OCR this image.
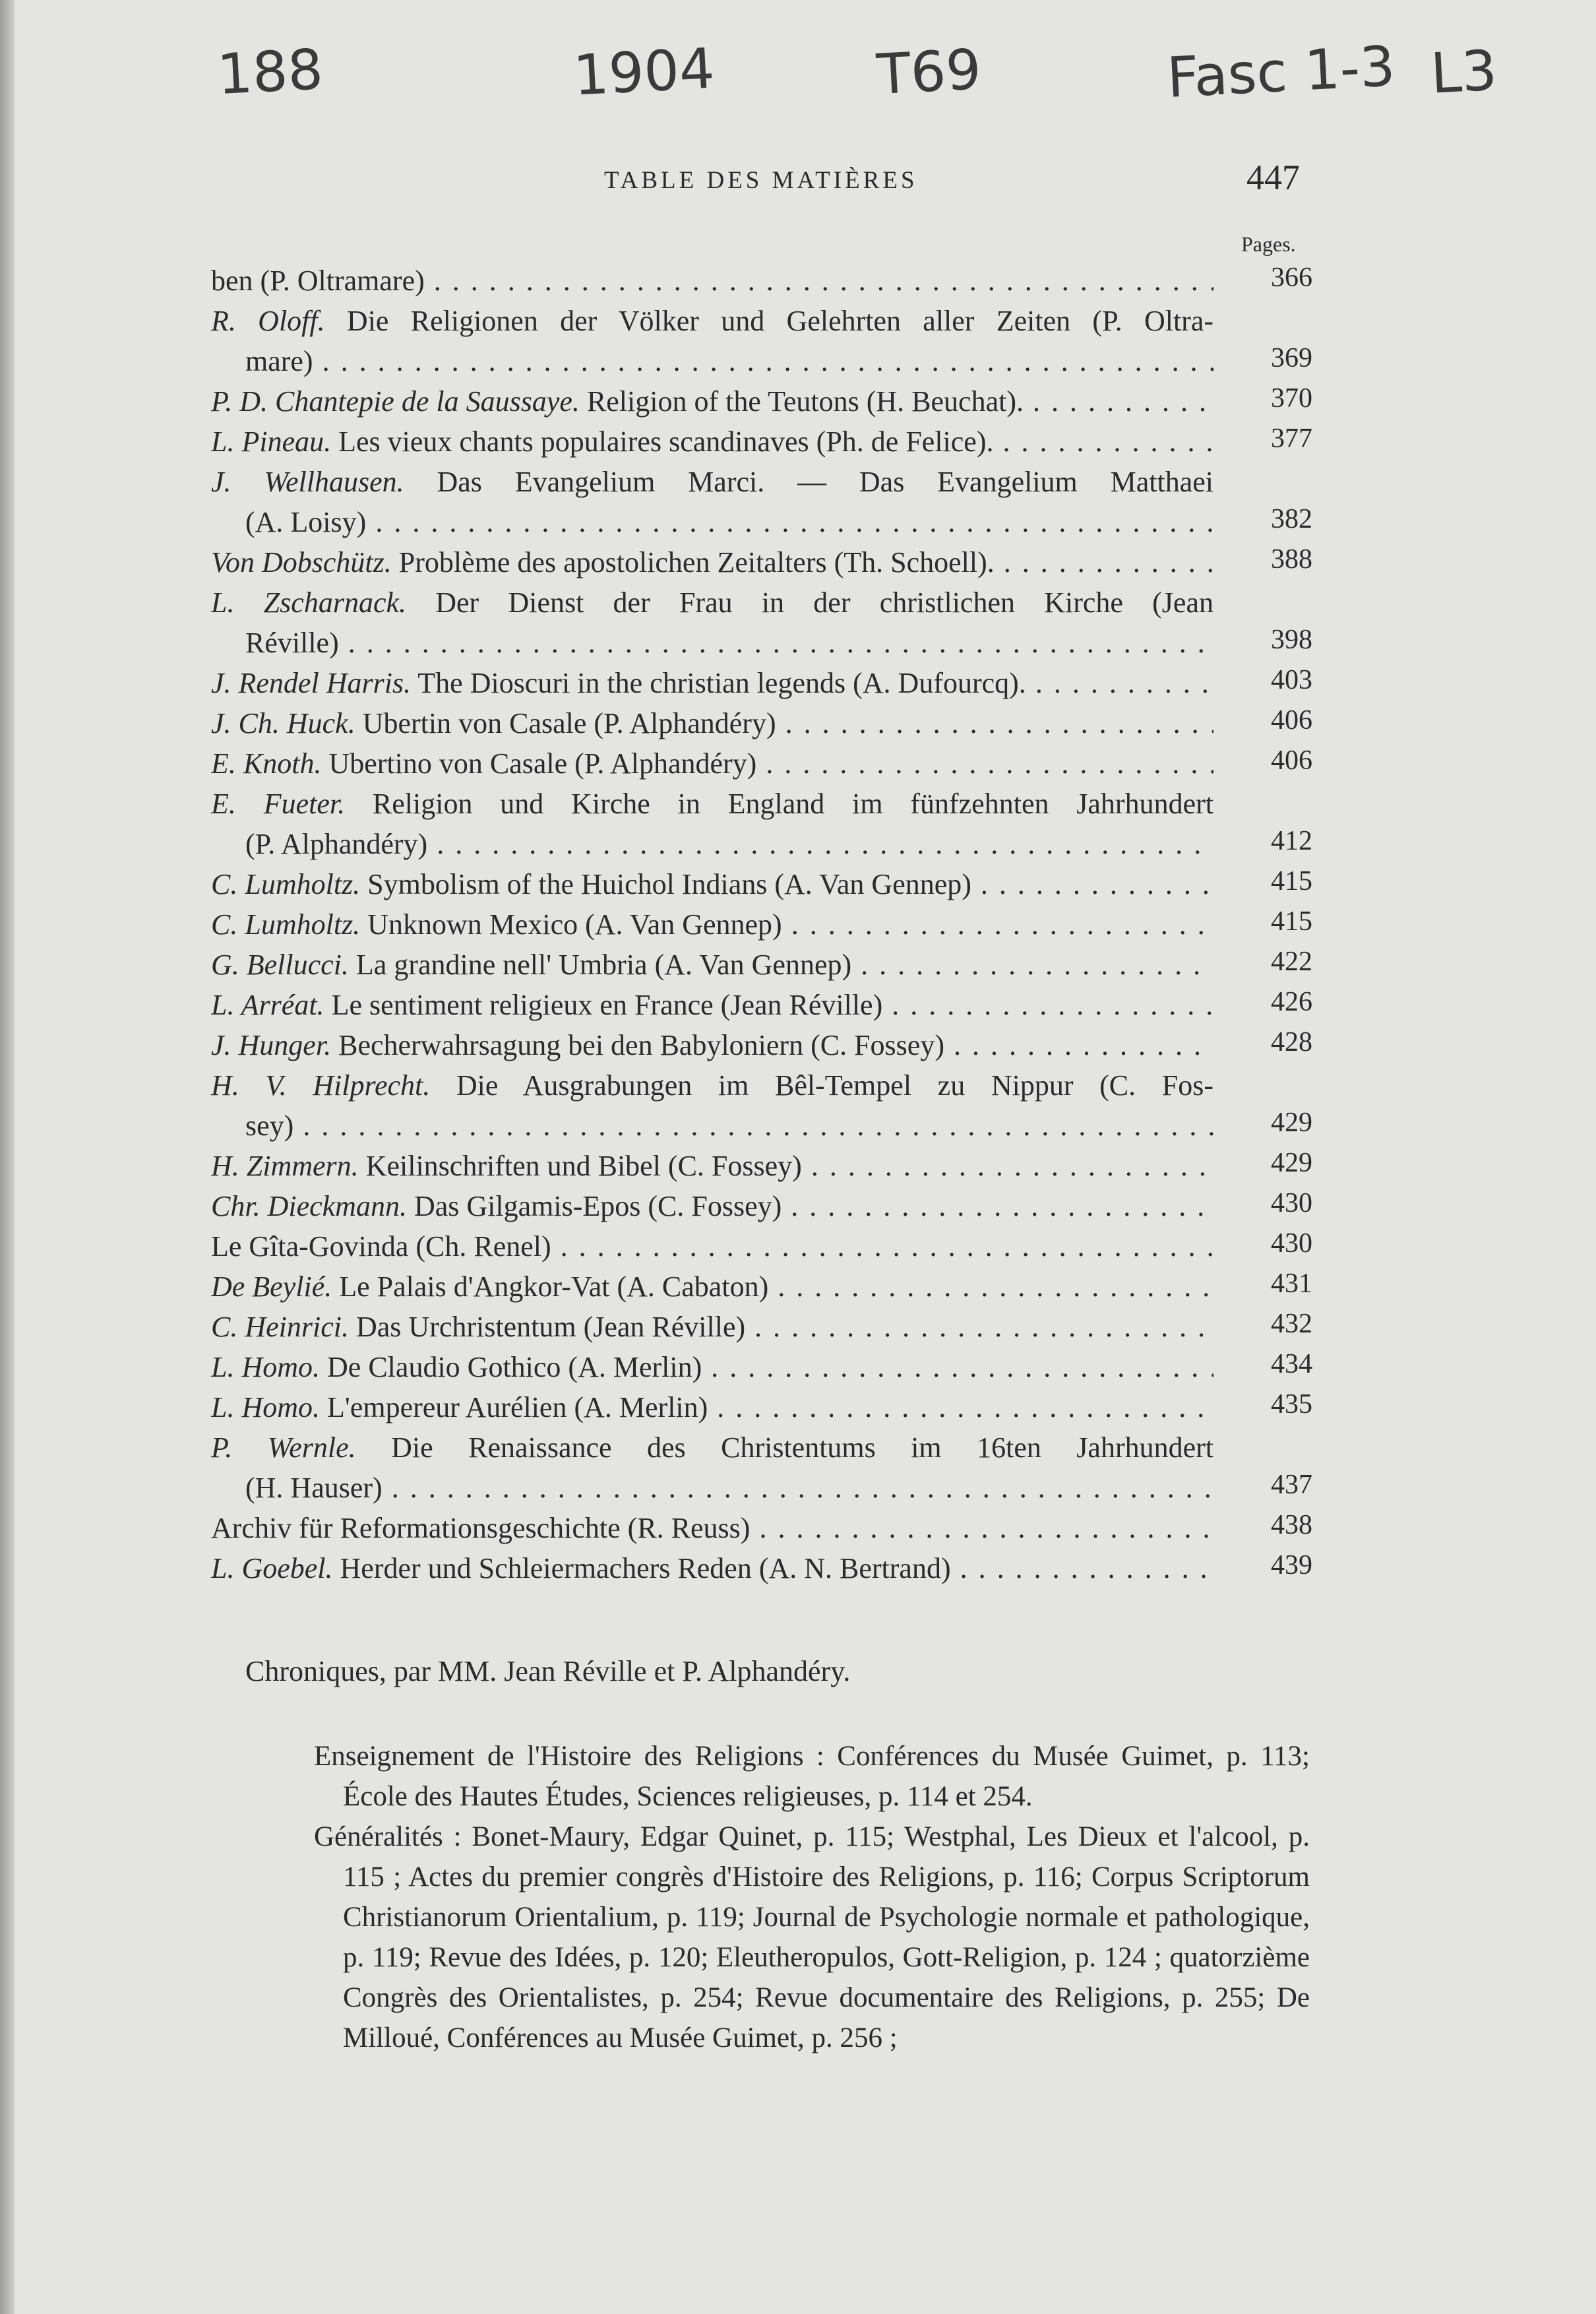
188	1904	T69	Fasc 1-3 L3
TABLE DES MATIÈRES	447
Pages.
ben (P. Oltramare) . . .	366
R. Oloff. Die Religionen der Völker und Gelehrten aller Zeiten (P. Oltra-
mare) . . .	369
P. D. Chantepie de la Saussaye. Religion of the Teutons (H. Beuchat). . . .	370
L. Pineau. Les vieux chants populaires scandinaves (Ph. de Felice). . . .	377
J. Wellhausen. Das Evangelium Marci. — Das Evangelium Matthaei
(A. Loisy) . . .	382
Von Dobschütz. Problème des apostolichen Zeitalters (Th. Schoell). . . .	388
L. Zscharnack. Der Dienst der Frau in der christlichen Kirche (Jean
Réville) . . .	398
J. Rendel Harris. The Dioscuri in the christian legends (A. Dufourcq). . . .	403
J. Ch. Huck. Ubertin von Casale (P. Alphandéry) . . .	406
E. Knoth. Ubertino von Casale (P. Alphandéry) . . .	406
E. Fueter. Religion und Kirche in England im fünfzehnten Jahrhundert
(P. Alphandéry) . . .	412
C. Lumholtz. Symbolism of the Huichol Indians (A. Van Gennep) . . .	415
C. Lumholtz. Unknown Mexico (A. Van Gennep) . . .	415
G. Bellucci. La grandine nell' Umbria (A. Van Gennep) . . .	422
L. Arréat. Le sentiment religieux en France (Jean Réville) . . .	426
J. Hunger. Becherwahrsagung bei den Babyloniern (C. Fossey) . . .	428
H. V. Hilprecht. Die Ausgrabungen im Bêl-Tempel zu Nippur (C. Fos-
sey) . . .	429
H. Zimmern. Keilinschriften und Bibel (C. Fossey) . . .	429
Chr. Dieckmann. Das Gilgamis-Epos (C. Fossey) . . .	430
Le Gîta-Govinda (Ch. Renel) . . .	430
De Beylié. Le Palais d'Angkor-Vat (A. Cabaton) . . .	431
C. Heinrici. Das Urchristentum (Jean Réville) . . .	432
L. Homo. De Claudio Gothico (A. Merlin) . . .	434
L. Homo. L'empereur Aurélien (A. Merlin) . . .	435
P. Wernle. Die Renaissance des Christentums im 16ten Jahrhundert
(H. Hauser) . . .	437
Archiv für Reformationsgeschichte (R. Reuss) . . .	438
L. Goebel. Herder und Schleiermachers Reden (A. N. Bertrand) . . .	439
Chroniques, par MM. Jean Réville et P. Alphandéry.

Enseignement de l'Histoire des Religions : Conférences du Musée Guimet, p. 113; École des Hautes Études, Sciences religieuses, p. 114 et 254.

Généralités : Bonet-Maury, Edgar Quinet, p. 115; Westphal, Les Dieux et l'alcool, p. 115 ; Actes du premier congrès d'Histoire des Religions, p. 116; Corpus Scriptorum Christianorum Orientalium, p. 119; Journal de Psychologie normale et pathologique, p. 119; Revue des Idées, p. 120; Eleutheropulos, Gott-Religion, p. 124 ; quatorzième Congrès des Orientalistes, p. 254; Revue documentaire des Religions, p. 255; De Milloué, Conférences au Musée Guimet, p. 256 ;
